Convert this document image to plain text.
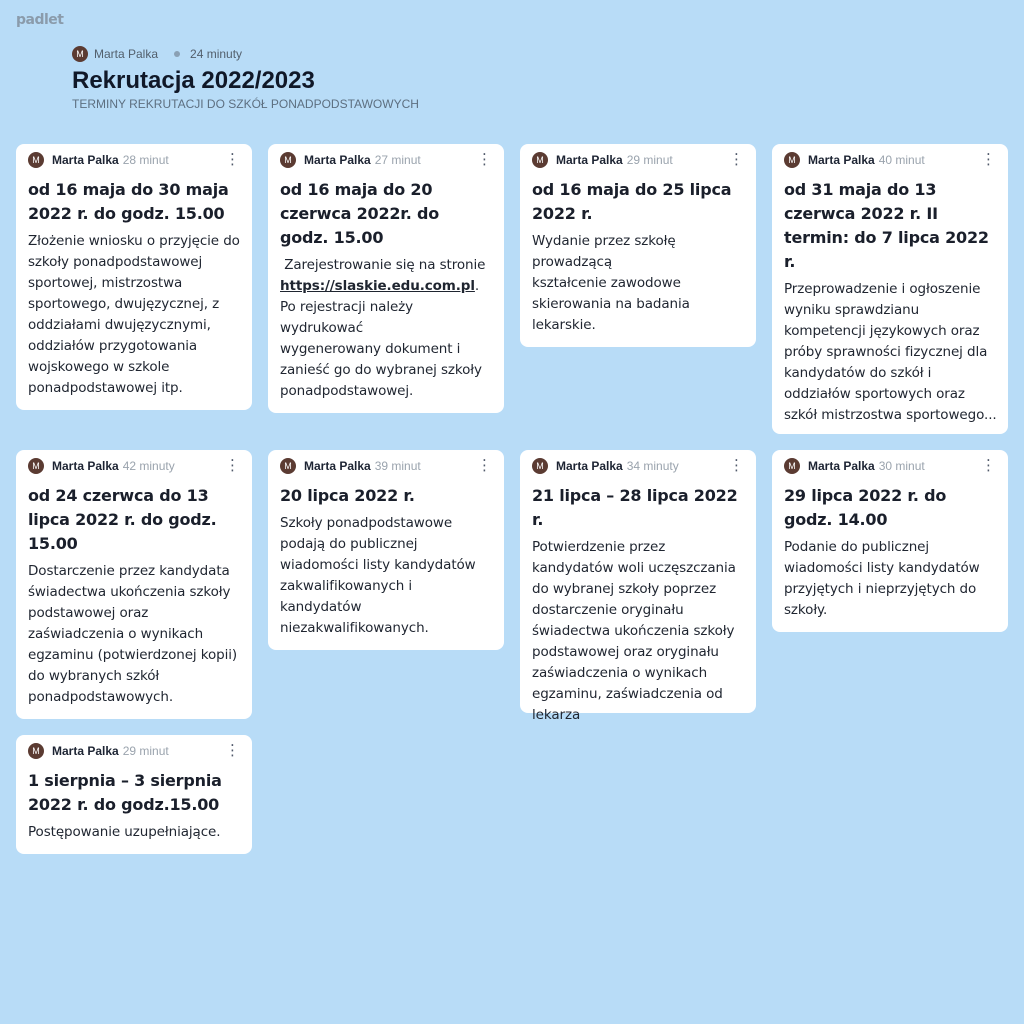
padlet
M Marta Palka	24 minuty
Rekrutacja 2022/2023
TERMINY REKRUTACJI DO SZKÓŁ PONADPODSTAWOWYCH
M	Marta Palka 28 minut	⋮
od 16 maja do 30 maja 2022 r. do godz. 15.00
Złożenie wniosku o przyjęcie do
szkoły ponadpodstawowej
sportowej, mistrzostwa
sportowego, dwujęzycznej, z
oddziałami dwujęzycznymi,
oddziałów przygotowania
wojskowego w szkole
ponadpodstawowej itp.
M	Marta Palka 27 minut	⋮
od 16 maja do 20 czerwca 2022r. do godz. 15.00
Zarejestrowanie się na stronie
https://slaskie.edu.com.pl.
Po rejestracji należy
wydrukować
wygenerowany dokument i
zanieść go do wybranej szkoły
ponadpodstawowej.
M	Marta Palka 29 minut	⋮
od 16 maja do 25 lipca 2022 r.
Wydanie przez szkołę
prowadzącą
kształcenie zawodowe
skierowania na badania
lekarskie.
M	Marta Palka 40 minut	⋮
od 31 maja do 13 czerwca 2022 r. II termin: do 7 lipca 2022 r.
Przeprowadzenie i ogłoszenie
wyniku sprawdzianu
kompetencji językowych oraz
próby sprawności fizycznej dla
kandydatów do szkół i
oddziałów sportowych oraz
szkół mistrzostwa sportowego...
M	Marta Palka 42 minuty	⋮
od 24 czerwca do 13 lipca 2022 r. do godz. 15.00
Dostarczenie przez kandydata
świadectwa ukończenia szkoły
podstawowej oraz
zaświadczenia o wynikach
egzaminu (potwierdzonej kopii)
do wybranych szkół
ponadpodstawowych.
M	Marta Palka 39 minut	⋮
20 lipca 2022 r.
Szkoły ponadpodstawowe
podają do publicznej
wiadomości listy kandydatów
zakwalifikowanych i
kandydatów
niezakwalifikowanych.
M	Marta Palka 34 minuty	⋮
21 lipca – 28 lipca 2022 r.
Potwierdzenie przez
kandydatów woli uczęszczania
do wybranej szkoły poprzez
dostarczenie oryginału
świadectwa ukończenia szkoły
podstawowej oraz oryginału
zaświadczenia o wynikach
egzaminu, zaświadczenia od
lekarza
M	Marta Palka 30 minut	⋮
29 lipca 2022 r. do godz. 14.00
Podanie do publicznej
wiadomości listy kandydatów
przyjętych i nieprzyjętych do
szkoły.
M	Marta Palka 29 minut	⋮
1 sierpnia – 3 sierpnia 2022 r. do godz.15.00
Postępowanie uzupełniające.
